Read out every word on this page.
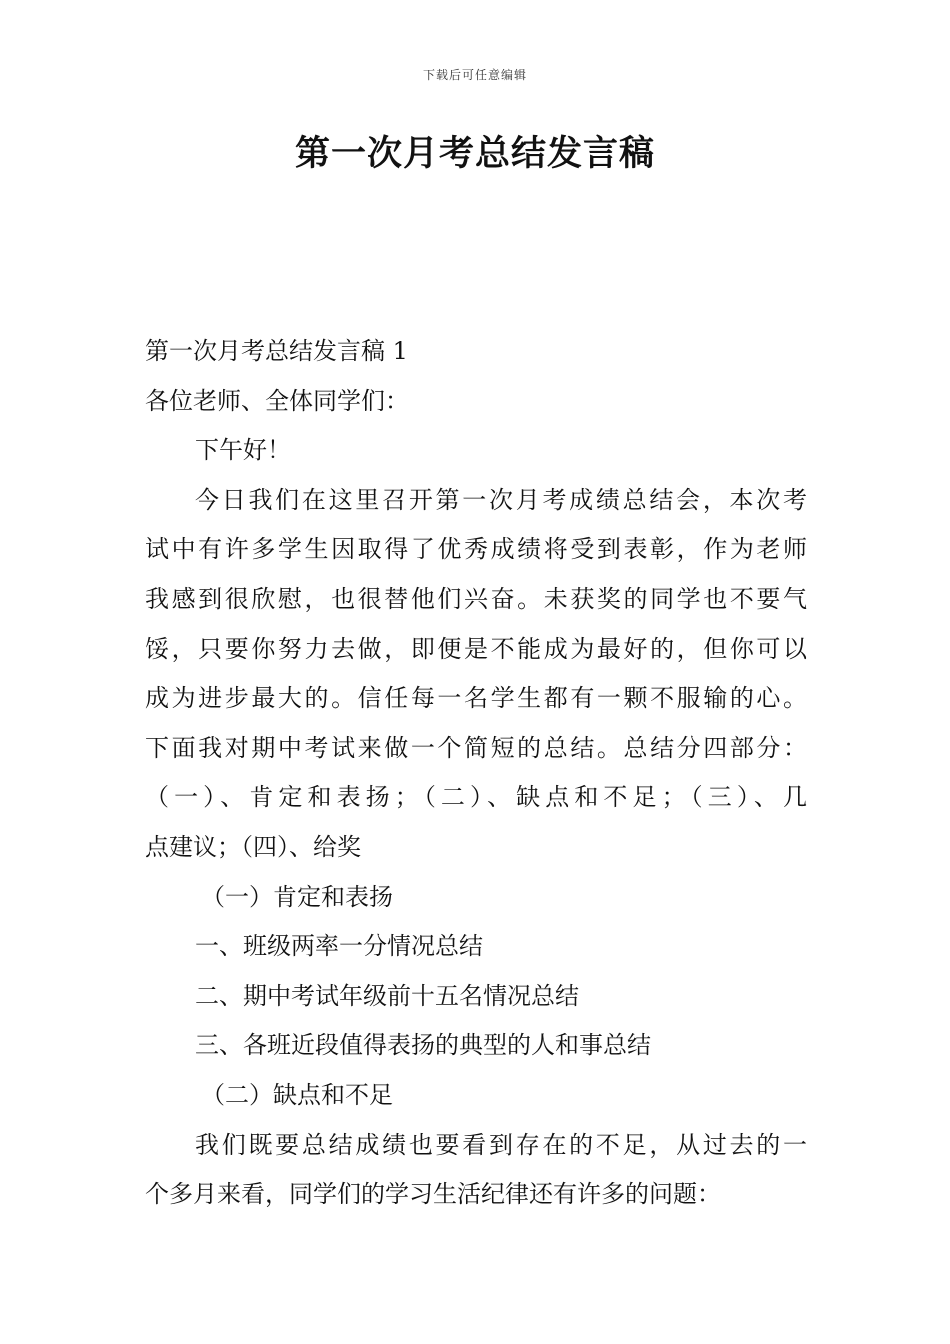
下载后可任意编辑
第一次月考总结发言稿
第一次月考总结发言稿 1
各位老师、全体同学们：
下午好！
今日我们在这里召开第一次月考成绩总结会，本次考
试中有许多学生因取得了优秀成绩将受到表彰，作为老师
我感到很欣慰，也很替他们兴奋。未获奖的同学也不要气
馁，只要你努力去做，即便是不能成为最好的，但你可以
成为进步最大的。信任每一名学生都有一颗不服输的心。
下面我对期中考试来做一个简短的总结。总结分四部分：
（一）、肯定和表扬；（二）、缺点和不足；（三）、几
点建议；（四）、给奖
（一）肯定和表扬
一、班级两率一分情况总结
二、期中考试年级前十五名情况总结
三、各班近段值得表扬的典型的人和事总结
（二）缺点和不足
我们既要总结成绩也要看到存在的不足，从过去的一
个多月来看，同学们的学习生活纪律还有许多的问题：
